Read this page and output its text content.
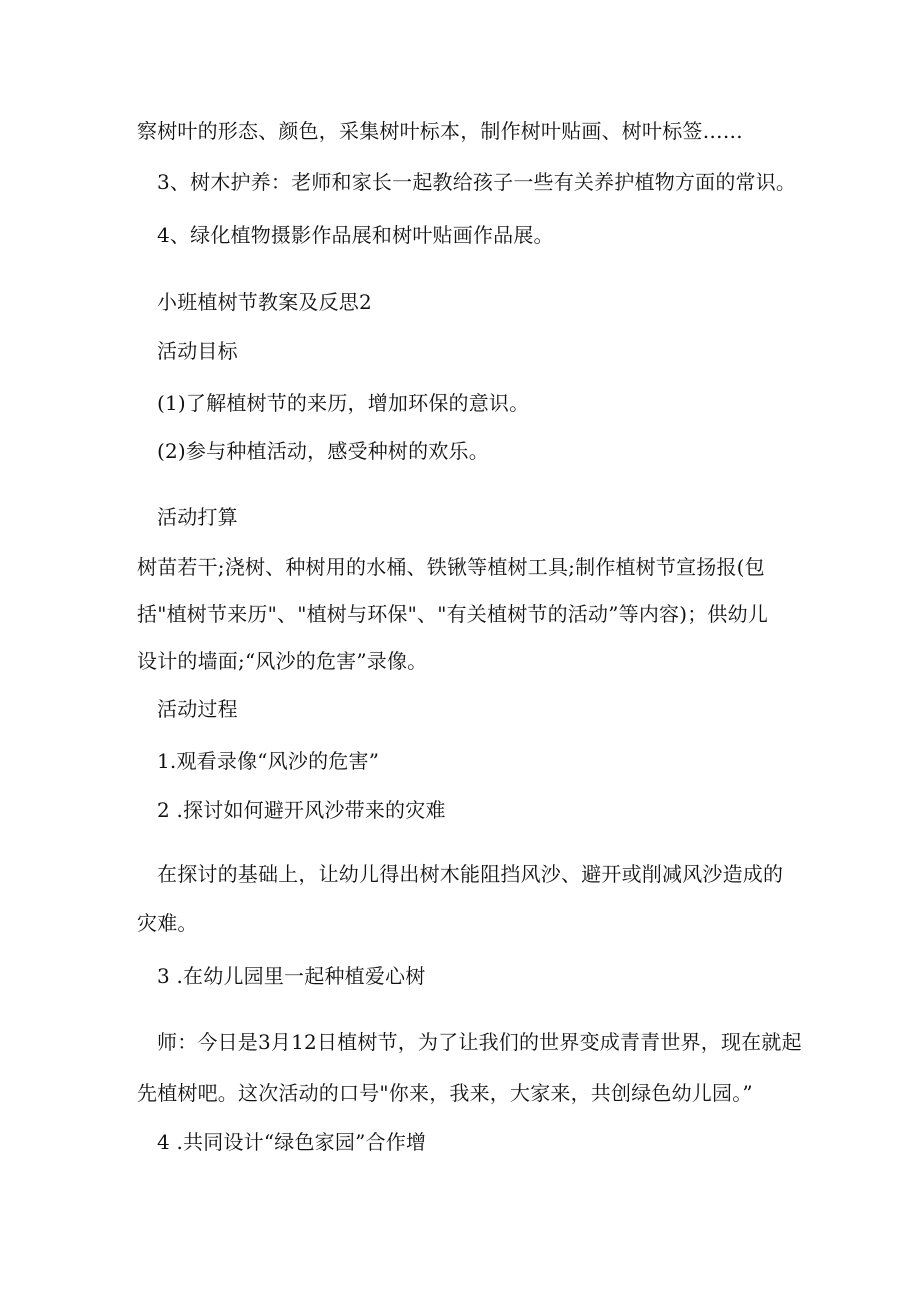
察树叶的形态、颜色，采集树叶标本，制作树叶贴画、树叶标签……
3、树木护养：老师和家长一起教给孩子一些有关养护植物方面的常识。
4、绿化植物摄影作品展和树叶贴画作品展。
小班植树节教案及反思2
活动目标
(1)了解植树节的来历，增加环保的意识。
(2)参与种植活动，感受种树的欢乐。
活动打算
树苗若干;浇树、种树用的水桶、铁锹等植树工具;制作植树节宣扬报(包
括"植树节来历"、"植树与环保"、"有关植树节的活动”等内容)；供幼儿
设计的墙面;“风沙的危害”录像。
活动过程
1.观看录像“风沙的危害”
2 .探讨如何避开风沙带来的灾难
在探讨的基础上，让幼儿得出树木能阻挡风沙、避开或削减风沙造成的
灾难。
3 .在幼儿园里一起种植爱心树
师：今日是3月12日植树节，为了让我们的世界变成青青世界，现在就起
先植树吧。这次活动的口号"你来，我来，大家来，共创绿色幼儿园。”
4 .共同设计“绿色家园”合作增
